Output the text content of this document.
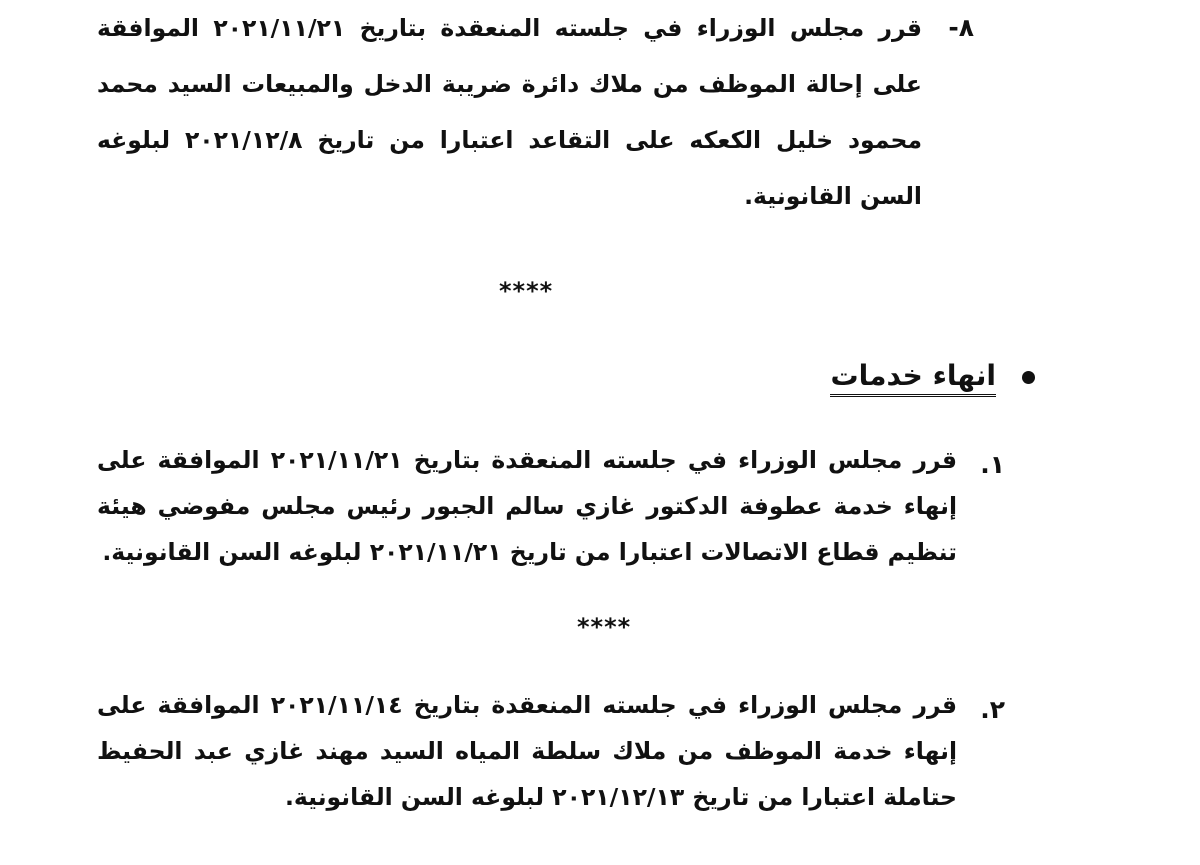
٨-

قرر مجلس الوزراء في جلسته المنعقدة بتاريخ ٢٠٢١/١١/٢١ الموافقة على إحالة الموظف من ملاك دائرة ضريبة الدخل والمبيعات السيد محمد محمود خليل الكعكه على التقاعد اعتبارا من تاريخ ٢٠٢١/١٢/٨ لبلوغه السن القانونية.

****
انهاء خدمات
١.

قرر مجلس الوزراء في جلسته المنعقدة بتاريخ ٢٠٢١/١١/٢١ الموافقة على إنهاء خدمة عطوفة الدكتور غازي سالم الجبور رئيس مجلس مفوضي هيئة تنظيم قطاع الاتصالات اعتبارا من تاريخ ٢٠٢١/١١/٢١ لبلوغه السن القانونية.

****
٢.

قرر مجلس الوزراء في جلسته المنعقدة بتاريخ ٢٠٢١/١١/١٤ الموافقة على إنهاء خدمة الموظف من ملاك سلطة المياه السيد مهند غازي عبد الحفيظ حتاملة اعتبارا من تاريخ ٢٠٢١/١٢/١٣ لبلوغه السن القانونية.
